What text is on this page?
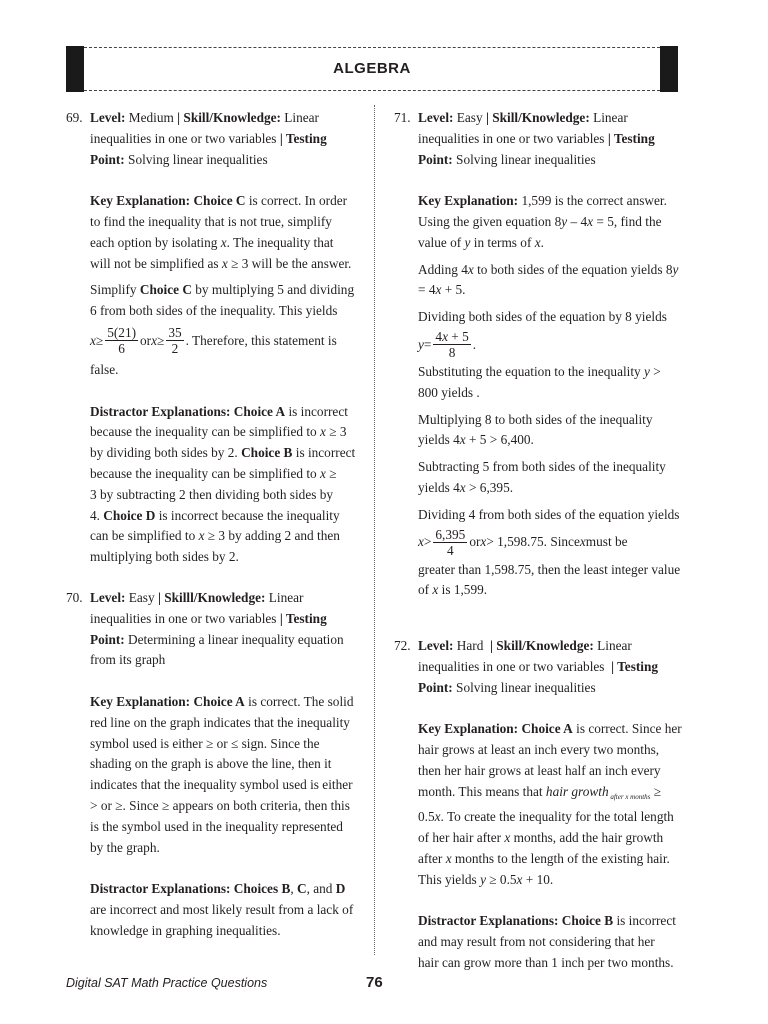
ALGEBRA
69. Level: Medium | Skill/Knowledge: Linear
inequalities in one or two variables | Testing
Point: Solving linear inequalities
Key Explanation: Choice C is correct. In order
to find the inequality that is not true, simplify
each option by isolating x. The inequality that
will not be simplified as x ≥ 3 will be the answer.
Simplify Choice C by multiplying 5 and dividing
6 from both sides of the inequality. This yields
$x \ge \frac{5(21)}{6}$ or $x \ge \frac{35}{2}$ . Therefore, this statement is
false.
Distractor Explanations: Choice A is incorrect
because the inequality can be simplified to x ≥ 3
by dividing both sides by 2. Choice B is incorrect
because the inequality can be simplified to x ≥
3 by subtracting 2 then dividing both sides by
4. Choice D is incorrect because the inequality
can be simplified to x ≥ 3 by adding 2 and then
multiplying both sides by 2.
70. Level: Easy | Skilll/Knowledge: Linear
inequalities in one or two variables | Testing
Point: Determining a linear inequality equation
from its graph
Key Explanation: Choice A is correct. The solid
red line on the graph indicates that the inequality
symbol used is either ≥ or ≤ sign. Since the
shading on the graph is above the line, then it
indicates that the inequality symbol used is either
> or ≥. Since ≥ appears on both criteria, then this
is the symbol used in the inequality represented
by the graph.
Distractor Explanations: Choices B, C, and D
are incorrect and most likely result from a lack of
knowledge in graphing inequalities.
71. Level: Easy | Skill/Knowledge: Linear
inequalities in one or two variables | Testing
Point: Solving linear inequalities
Key Explanation: 1,599 is the correct answer.
Using the given equation 8y – 4x = 5, find the
value of y in terms of x.
Adding 4x to both sides of the equation yields 8y
= 4x + 5.
Dividing both sides of the equation by 8 yields
$y = \frac{4x + 5}{8}$ .
Substituting the equation to the inequality y >
800 yields .
Multiplying 8 to both sides of the inequality
yields 4x + 5 > 6,400.
Subtracting 5 from both sides of the inequality
yields 4x > 6,395.
Dividing 4 from both sides of the equation yields
$x > \frac{6,395}{4}$ or x > 1,598.75. Since x must be
greater than 1,598.75, then the least integer value
of x is 1,599.
72. Level: Hard  | Skill/Knowledge: Linear
inequalities in one or two variables  | Testing
Point: Solving linear inequalities
Key Explanation: Choice A is correct. Since her
hair grows at least an inch every two months,
then her hair grows at least half an inch every
month. This means that hair growth $_{after x months}$ ≥
0.5x. To create the inequality for the total length
of her hair after x months, add the hair growth
after x months to the length of the existing hair.
This yields y ≥ 0.5x + 10.
Distractor Explanations: Choice B is incorrect
and may result from not considering that her
hair can grow more than 1 inch per two months.
Digital SAT Math Practice Questions	76
